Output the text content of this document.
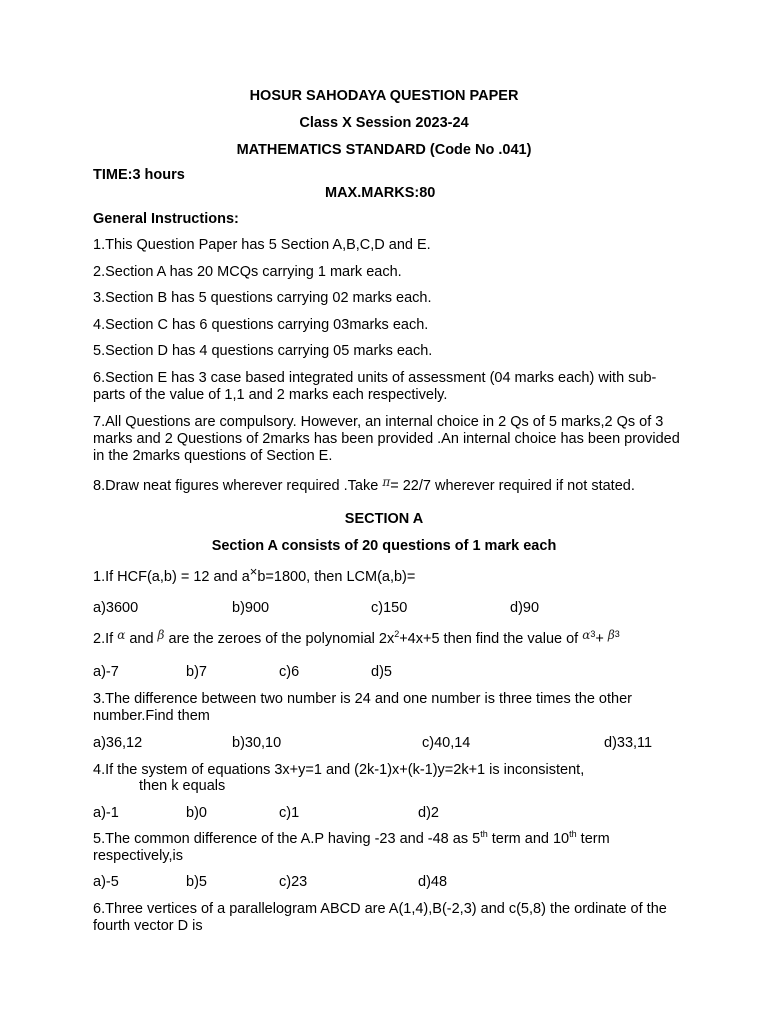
HOSUR SAHODAYA QUESTION PAPER
Class X Session 2023-24
MATHEMATICS STANDARD (Code No .041)
TIME:3 hours
MAX.MARKS:80
General Instructions:
1.This Question Paper has 5 Section A,B,C,D and E.
2.Section A has 20 MCQs carrying 1 mark each.
3.Section B has 5 questions carrying 02 marks each.
4.Section C has 6 questions carrying 03marks each.
5.Section D has 4 questions carrying 05 marks each.
6.Section E has 3 case based integrated units of assessment (04 marks each) with sub-parts of the value of 1,1 and 2 marks each respectively.
7.All Questions are compulsory. However, an internal choice in 2 Qs of 5 marks,2 Qs of 3 marks and 2 Questions of 2marks has been provided .An internal choice has been provided in the 2marks questions of Section E.
8.Draw neat figures wherever required .Take $^\pi$= 22/7 wherever required if not stated.
SECTION A
Section A consists of 20 questions of 1 mark each
1.If HCF(a,b) = 12 and a×b=1800, then LCM(a,b)=
a)3600	b)900	c)150	d)90
2.If $^\alpha$ and $^\beta$ are the zeroes of the polynomial $2x^2+4x+5$ then find the value of $^{\alpha 3}$+ $^{\beta 3}$
a)-7	b)7	c)6	d)5
3.The difference between two number is 24 and one number is three times the other number.Find them
a)36,12	b)30,10	c)40,14	d)33,11
4.If the system of equations 3x+y=1 and (2k-1)x+(k-1)y=2k+1 is inconsistent,
then k equals
a)-1	b)0	c)1	d)2
5.The common difference of the A.P having -23 and -48 as 5th term and 10th term
respectively,is
a)-5	b)5	c)23	d)48
6.Three vertices of a parallelogram ABCD are A(1,4),B(-2,3) and c(5,8) the ordinate of the fourth vector D is
